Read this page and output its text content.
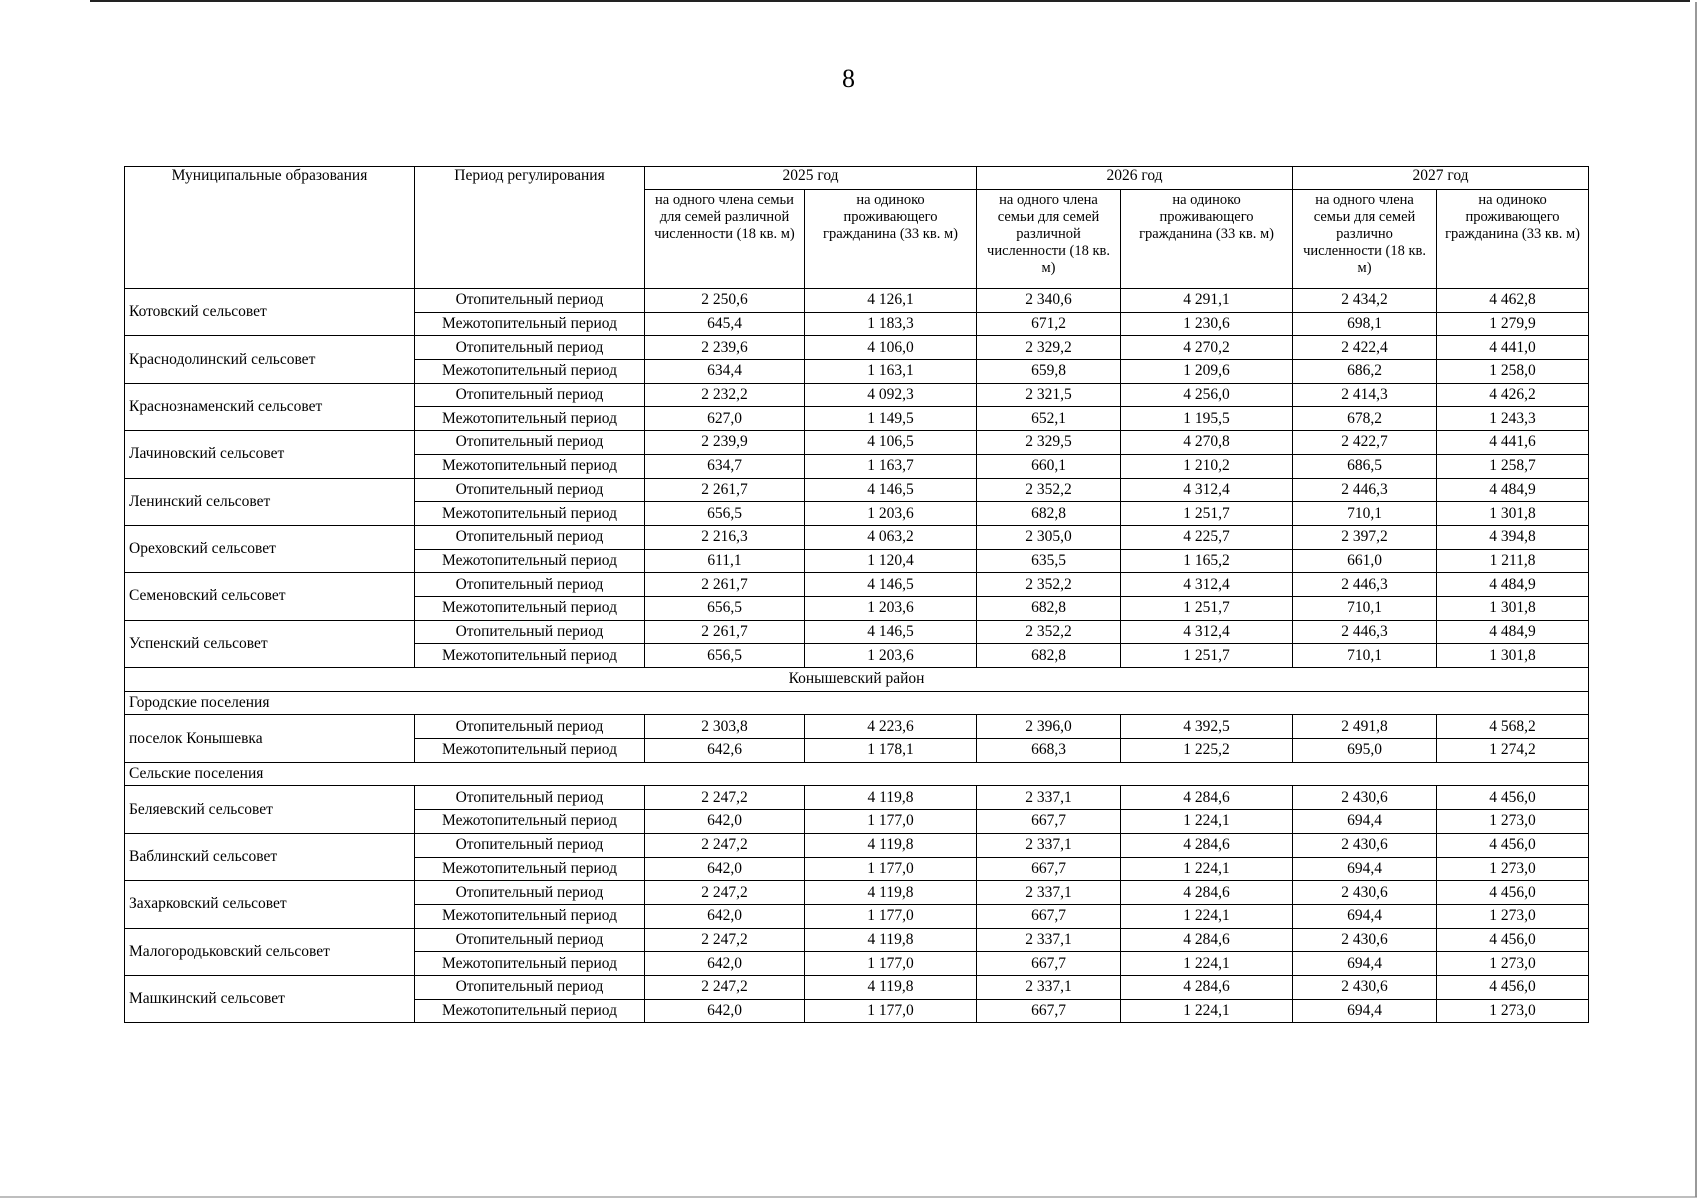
8
Муниципальные образования	Период регулирования	2025 год		2026 год		2027 год	
		на одного члена семьи для семей различной численности (18 кв. м)	на одиноко проживающего гражданина (33 кв. м)	на одного члена семьи для семей различной численности (18 кв. м)	на одиноко проживающего гражданина (33 кв. м)	на одного члена семьи для семей различно численности (18 кв. м)	на одиноко проживающего гражданина (33 кв. м)
Котовский сельсовет	Отопительный период	2 250,6	4 126,1	2 340,6	4 291,1	2 434,2	4 462,8
	Межотопительный период	645,4	1 183,3	671,2	1 230,6	698,1	1 279,9
Краснодолинский сельсовет	Отопительный период	2 239,6	4 106,0	2 329,2	4 270,2	2 422,4	4 441,0
	Межотопительный период	634,4	1 163,1	659,8	1 209,6	686,2	1 258,0
Краснознаменский сельсовет	Отопительный период	2 232,2	4 092,3	2 321,5	4 256,0	2 414,3	4 426,2
	Межотопительный период	627,0	1 149,5	652,1	1 195,5	678,2	1 243,3
Лачиновский сельсовет	Отопительный период	2 239,9	4 106,5	2 329,5	4 270,8	2 422,7	4 441,6
	Межотопительный период	634,7	1 163,7	660,1	1 210,2	686,5	1 258,7
Ленинский сельсовет	Отопительный период	2 261,7	4 146,5	2 352,2	4 312,4	2 446,3	4 484,9
	Межотопительный период	656,5	1 203,6	682,8	1 251,7	710,1	1 301,8
Ореховский сельсовет	Отопительный период	2 216,3	4 063,2	2 305,0	4 225,7	2 397,2	4 394,8
	Межотопительный период	611,1	1 120,4	635,5	1 165,2	661,0	1 211,8
Семеновский сельсовет	Отопительный период	2 261,7	4 146,5	2 352,2	4 312,4	2 446,3	4 484,9
	Межотопительный период	656,5	1 203,6	682,8	1 251,7	710,1	1 301,8
Успенский сельсовет	Отопительный период	2 261,7	4 146,5	2 352,2	4 312,4	2 446,3	4 484,9
	Межотопительный период	656,5	1 203,6	682,8	1 251,7	710,1	1 301,8
Конышевский район							
Городские поселения							
поселок Конышевка	Отопительный период	2 303,8	4 223,6	2 396,0	4 392,5	2 491,8	4 568,2
	Межотопительный период	642,6	1 178,1	668,3	1 225,2	695,0	1 274,2
Сельские поселения							
Беляевский сельсовет	Отопительный период	2 247,2	4 119,8	2 337,1	4 284,6	2 430,6	4 456,0
	Межотопительный период	642,0	1 177,0	667,7	1 224,1	694,4	1 273,0
Ваблинский сельсовет	Отопительный период	2 247,2	4 119,8	2 337,1	4 284,6	2 430,6	4 456,0
	Межотопительный период	642,0	1 177,0	667,7	1 224,1	694,4	1 273,0
Захарковский сельсовет	Отопительный период	2 247,2	4 119,8	2 337,1	4 284,6	2 430,6	4 456,0
	Межотопительный период	642,0	1 177,0	667,7	1 224,1	694,4	1 273,0
Малогородьковский сельсовет	Отопительный период	2 247,2	4 119,8	2 337,1	4 284,6	2 430,6	4 456,0
	Межотопительный период	642,0	1 177,0	667,7	1 224,1	694,4	1 273,0
Машкинский сельсовет	Отопительный период	2 247,2	4 119,8	2 337,1	4 284,6	2 430,6	4 456,0
	Межотопительный период	642,0	1 177,0	667,7	1 224,1	694,4	1 273,0
